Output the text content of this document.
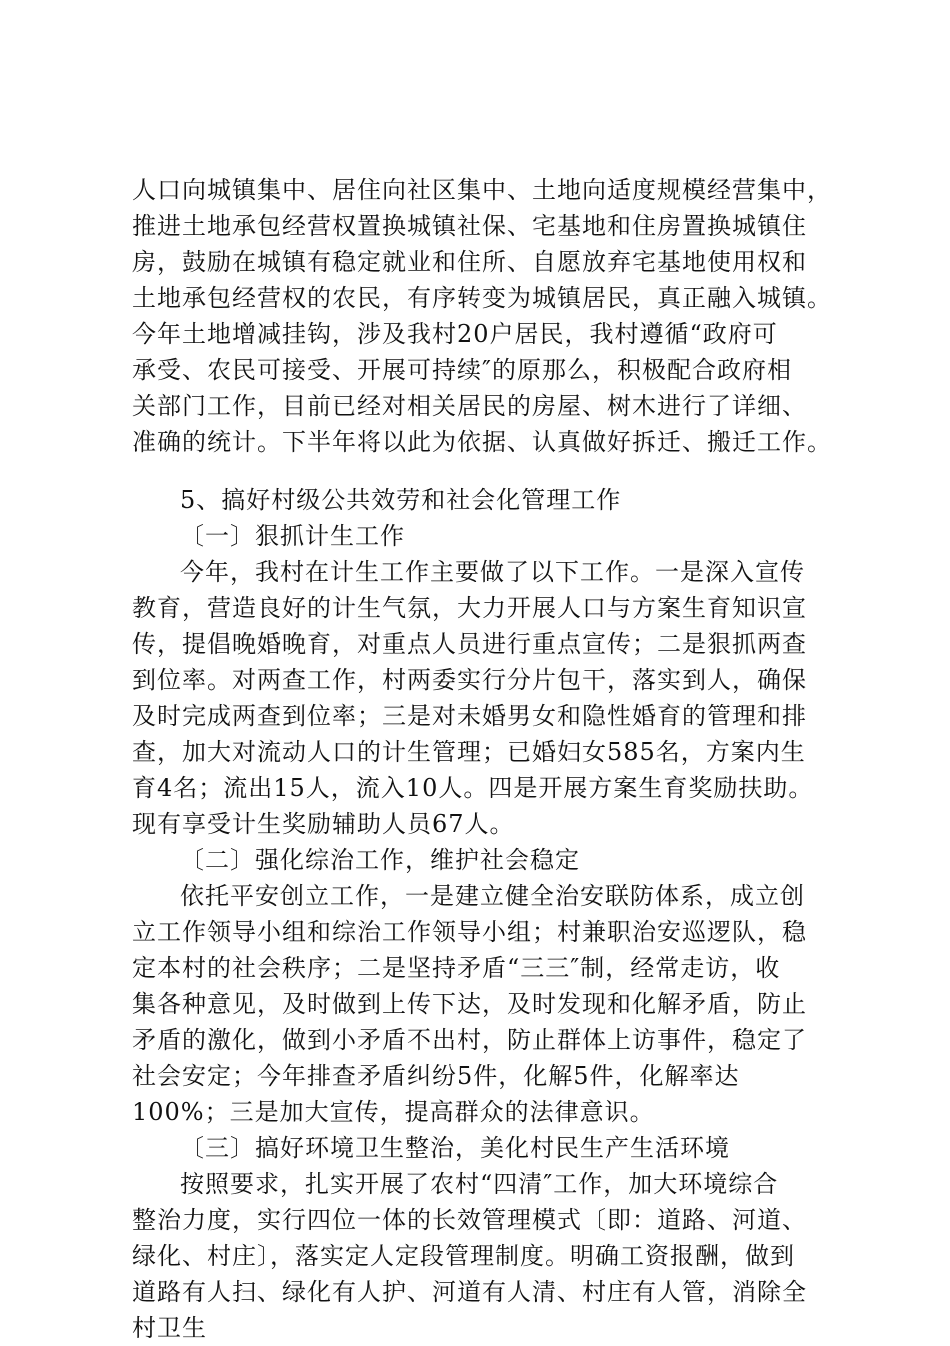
人口向城镇集中、居住向社区集中、土地向适度规模经营集中，
推进土地承包经营权置换城镇社保、宅基地和住房置换城镇住
房，鼓励在城镇有稳定就业和住所、自愿放弃宅基地使用权和
土地承包经营权的农民，有序转变为城镇居民，真正融入城镇。
今年土地增减挂钩，涉及我村20户居民，我村遵循“政府可
承受、农民可接受、开展可持续″的原那么，积极配合政府相
关部门工作，目前已经对相关居民的房屋、树木进行了详细、
准确的统计。下半年将以此为依据、认真做好拆迁、搬迁工作。
5、搞好村级公共效劳和社会化管理工作
〔一〕狠抓计生工作
今年，我村在计生工作主要做了以下工作。一是深入宣传
教育，营造良好的计生气氛，大力开展人口与方案生育知识宣
传，提倡晚婚晚育，对重点人员进行重点宣传；二是狠抓两查
到位率。对两查工作，村两委实行分片包干，落实到人，确保
及时完成两查到位率；三是对未婚男女和隐性婚育的管理和排
查，加大对流动人口的计生管理；已婚妇女585名，方案内生
育4名；流出15人，流入10人。四是开展方案生育奖励扶助。
现有享受计生奖励辅助人员67人。
〔二〕强化综治工作，维护社会稳定
依托平安创立工作，一是建立健全治安联防体系，成立创
立工作领导小组和综治工作领导小组；村兼职治安巡逻队，稳
定本村的社会秩序；二是坚持矛盾“三三″制，经常走访，收
集各种意见，及时做到上传下达，及时发现和化解矛盾，防止
矛盾的激化，做到小矛盾不出村，防止群体上访事件，稳定了
社会安定；今年排查矛盾纠纷5件，化解5件，化解率达
100%；三是加大宣传，提高群众的法律意识。
〔三〕搞好环境卫生整治，美化村民生产生活环境
按照要求，扎实开展了农村“四清″工作，加大环境综合
整治力度，实行四位一体的长效管理模式〔即：道路、河道、
绿化、村庄〕，落实定人定段管理制度。明确工资报酬，做到
道路有人扫、绿化有人护、河道有人清、村庄有人管，消除全
村卫生
